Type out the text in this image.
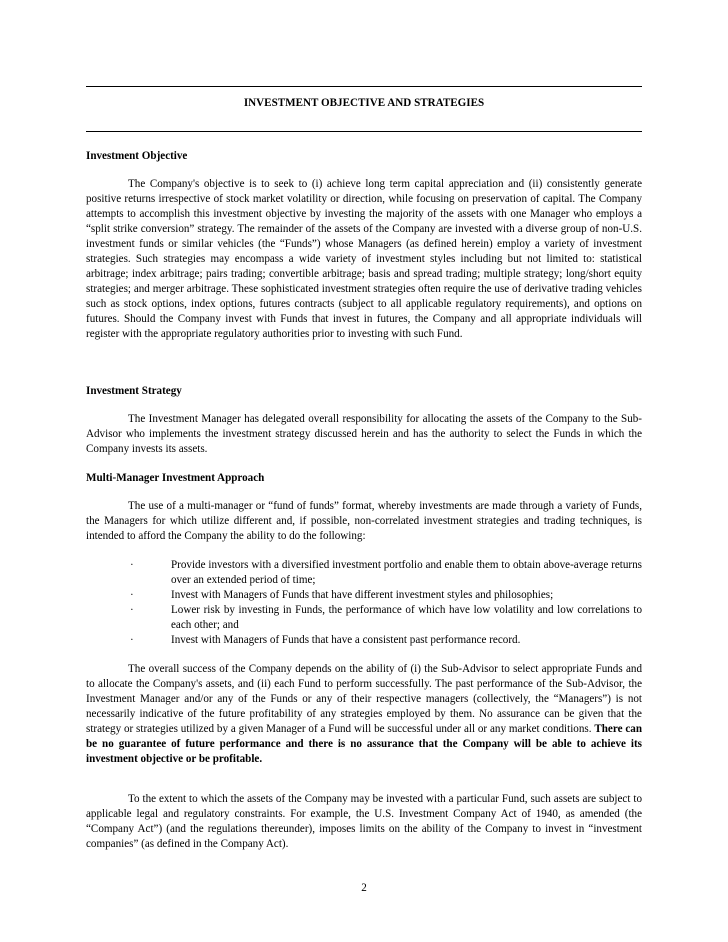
INVESTMENT OBJECTIVE AND STRATEGIES
Investment Objective

The Company's objective is to seek to (i) achieve long term capital appreciation and (ii) consistently generate positive returns irrespective of stock market volatility or direction, while focusing on preservation of capital. The Company attempts to accomplish this investment objective by investing the majority of the assets with one Manager who employs a “split strike conversion” strategy. The remainder of the assets of the Company are invested with a diverse group of non-U.S. investment funds or similar vehicles (the “Funds”) whose Managers (as defined herein) employ a variety of investment strategies. Such strategies may encompass a wide variety of investment styles including but not limited to: statistical arbitrage; index arbitrage; pairs trading; convertible arbitrage; basis and spread trading; multiple strategy; long/short equity strategies; and merger arbitrage. These sophisticated investment strategies often require the use of derivative trading vehicles such as stock options, index options, futures contracts (subject to all applicable regulatory requirements), and options on futures. Should the Company invest with Funds that invest in futures, the Company and all appropriate individuals will register with the appropriate regulatory authorities prior to investing with such Fund.

Investment Strategy

The Investment Manager has delegated overall responsibility for allocating the assets of the Company to the Sub-Advisor who implements the investment strategy discussed herein and has the authority to select the Funds in which the Company invests its assets.

Multi-Manager Investment Approach

The use of a multi-manager or “fund of funds” format, whereby investments are made through a variety of Funds, the Managers for which utilize different and, if possible, non-correlated investment strategies and trading techniques, is intended to afford the Company the ability to do the following:

·	Provide investors with a diversified investment portfolio and enable them to obtain above-average returns over an extended period of time;
·	Invest with Managers of Funds that have different investment styles and philosophies;
·	Lower risk by investing in Funds, the performance of which have low volatility and low correlations to each other; and
·	Invest with Managers of Funds that have a consistent past performance record.

The overall success of the Company depends on the ability of (i) the Sub-Advisor to select appropriate Funds and to allocate the Company's assets, and (ii) each Fund to perform successfully. The past performance of the Sub-Advisor, the Investment Manager and/or any of the Funds or any of their respective managers (collectively, the “Managers”) is not necessarily indicative of the future profitability of any strategies employed by them. No assurance can be given that the strategy or strategies utilized by a given Manager of a Fund will be successful under all or any market conditions. There can be no guarantee of future performance and there is no assurance that the Company will be able to achieve its investment objective or be profitable.

To the extent to which the assets of the Company may be invested with a particular Fund, such assets are subject to applicable legal and regulatory constraints. For example, the U.S. Investment Company Act of 1940, as amended (the “Company Act”) (and the regulations thereunder), imposes limits on the ability of the Company to invest in “investment companies” (as defined in the Company Act).

2
